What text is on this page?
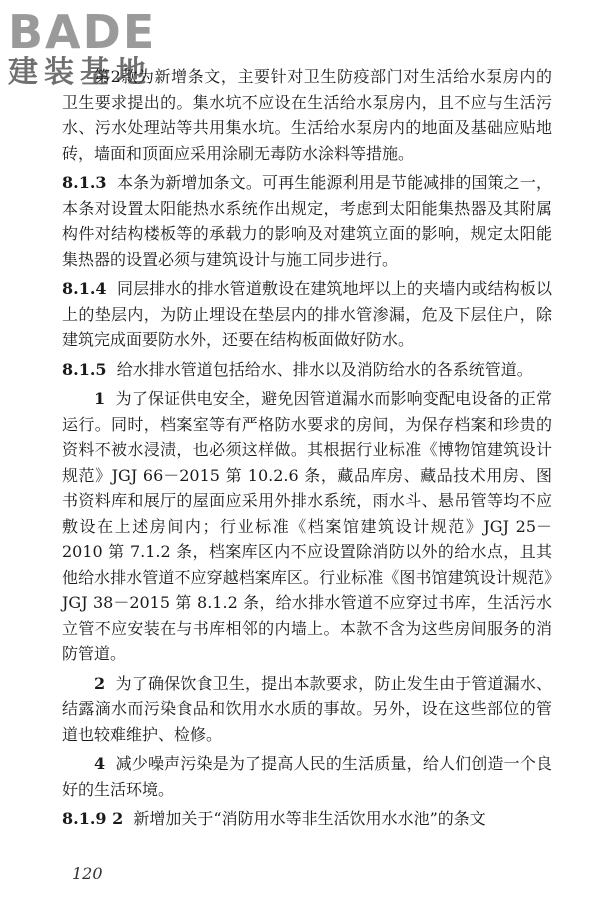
BADE
建装基地

第2款为新增条文，主要针对卫生防疫部门对生活给水泵房内的卫生要求提出的。集水坑不应设在生活给水泵房内，且不应与生活污水、污水处理站等共用集水坑。生活给水泵房内的地面及基础应贴地砖，墙面和顶面应采用涂刷无毒防水涂料等措施。

8.1.3 本条为新增加条文。可再生能源利用是节能减排的国策之一，本条对设置太阳能热水系统作出规定，考虑到太阳能集热器及其附属构件对结构楼板等的承载力的影响及对建筑立面的影响，规定太阳能集热器的设置必须与建筑设计与施工同步进行。

8.1.4 同层排水的排水管道敷设在建筑地坪以上的夹墙内或结构板以上的垫层内，为防止埋设在垫层内的排水管渗漏，危及下层住户，除建筑完成面要防水外，还要在结构板面做好防水。

8.1.5 给水排水管道包括给水、排水以及消防给水的各系统管道。

1 为了保证供电安全，避免因管道漏水而影响变配电设备的正常运行。同时，档案室等有严格防水要求的房间，为保存档案和珍贵的资料不被水浸渍，也必须这样做。其根据行业标准《博物馆建筑设计规范》JGJ 66－2015 第 10.2.6 条，藏品库房、藏品技术用房、图书资料库和展厅的屋面应采用外排水系统，雨水斗、悬吊管等均不应敷设在上述房间内；行业标准《档案馆建筑设计规范》JGJ 25－2010 第 7.1.2 条，档案库区内不应设置除消防以外的给水点，且其他给水排水管道不应穿越档案库区。行业标准《图书馆建筑设计规范》JGJ 38－2015 第 8.1.2 条，给水排水管道不应穿过书库，生活污水立管不应安装在与书库相邻的内墙上。本款不含为这些房间服务的消防管道。

2 为了确保饮食卫生，提出本款要求，防止发生由于管道漏水、结露滴水而污染食品和饮用水水质的事故。另外，设在这些部位的管道也较难维护、检修。

4 减少噪声污染是为了提高人民的生活质量，给人们创造一个良好的生活环境。

8.1.9 2 新增加关于“消防用水等非生活饮用水水池”的条文

120
